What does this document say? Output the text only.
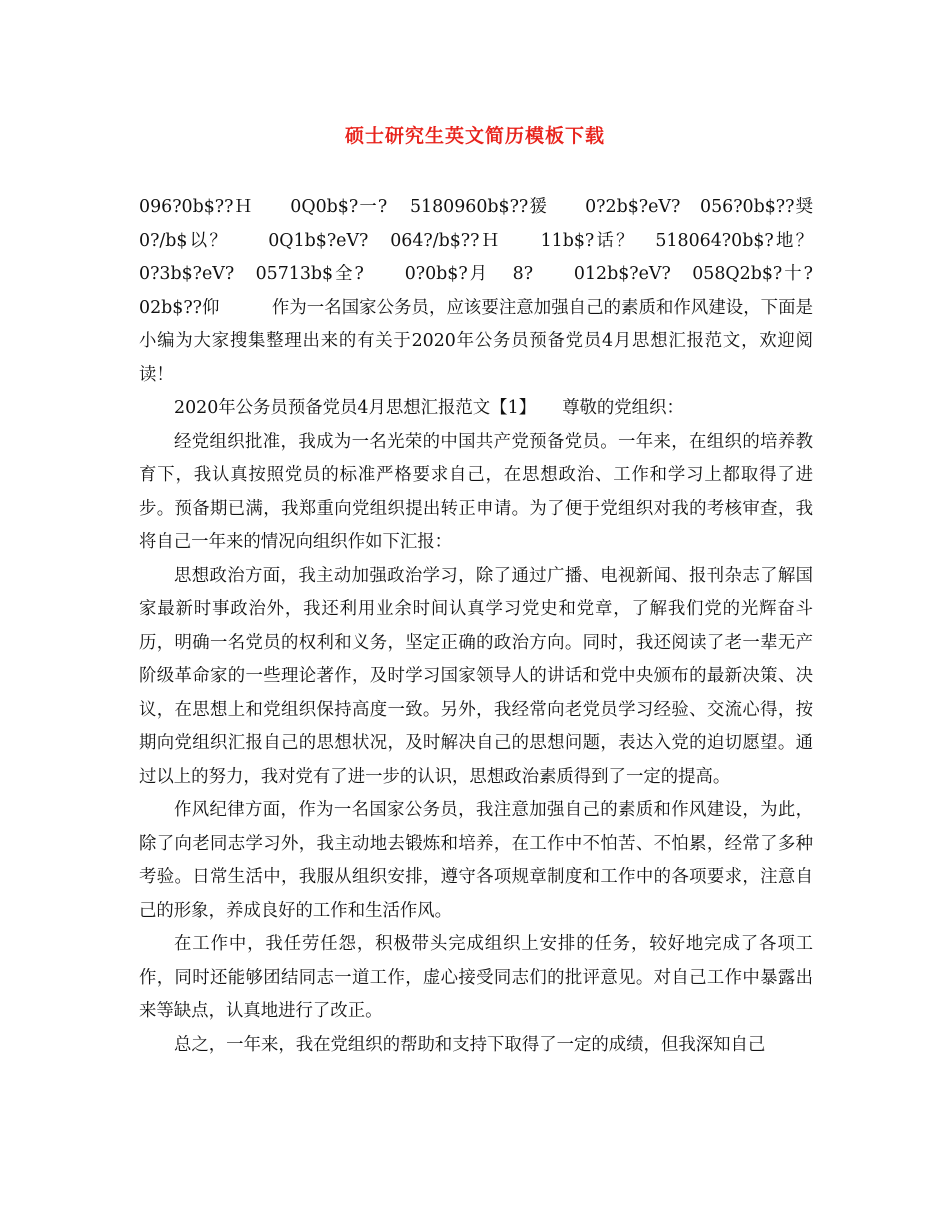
硕士研究生英文简历模板下载

096?0b$??Ｈ　　0Q0b$?一? 5180960b$??猨　　0?2b$?eV?　056?0b$??奨　　0?/b$以？　　0Q1b$?eV?　064?/b$??Ｈ　　11b$?话？　518064?0b$?地？　　　0?3b$?eV?　05713b$全?　　0?0b$?月 8?　　012b$?eV?　058Q2b$?十?　　02b$??仰　　　作为一名国家公务员，应该要注意加强自己的素质和作风建设，下面是小编为大家搜集整理出来的有关于2020年公务员预备党员4月思想汇报范文，欢迎阅读！

2020年公务员预备党员4月思想汇报范文【1】　　尊敬的党组织：

经党组织批准，我成为一名光荣的中国共产党预备党员。一年来，在组织的培养教育下，我认真按照党员的标准严格要求自己，在思想政治、工作和学习上都取得了进步。预备期已满，我郑重向党组织提出转正申请。为了便于党组织对我的考核审查，我将自己一年来的情况向组织作如下汇报：

思想政治方面，我主动加强政治学习，除了通过广播、电视新闻、报刊杂志了解国家最新时事政治外，我还利用业余时间认真学习党史和党章，了解我们党的光辉奋斗历，明确一名党员的权利和义务，坚定正确的政治方向。同时，我还阅读了老一辈无产阶级革命家的一些理论著作，及时学习国家领导人的讲话和党中央颁布的最新决策、决议，在思想上和党组织保持高度一致。另外，我经常向老党员学习经验、交流心得，按期向党组织汇报自己的思想状况，及时解决自己的思想问题，表达入党的迫切愿望。通过以上的努力，我对党有了进一步的认识，思想政治素质得到了一定的提高。

作风纪律方面，作为一名国家公务员，我注意加强自己的素质和作风建设，为此，除了向老同志学习外，我主动地去锻炼和培养，在工作中不怕苦、不怕累，经常了多种考验。日常生活中，我服从组织安排，遵守各项规章制度和工作中的各项要求，注意自己的形象，养成良好的工作和生活作风。

在工作中，我任劳任怨，积极带头完成组织上安排的任务，较好地完成了各项工作，同时还能够团结同志一道工作，虚心接受同志们的批评意见。对自己工作中暴露出来等缺点，认真地进行了改正。

总之，一年来，我在党组织的帮助和支持下取得了一定的成绩，但我深知自己
